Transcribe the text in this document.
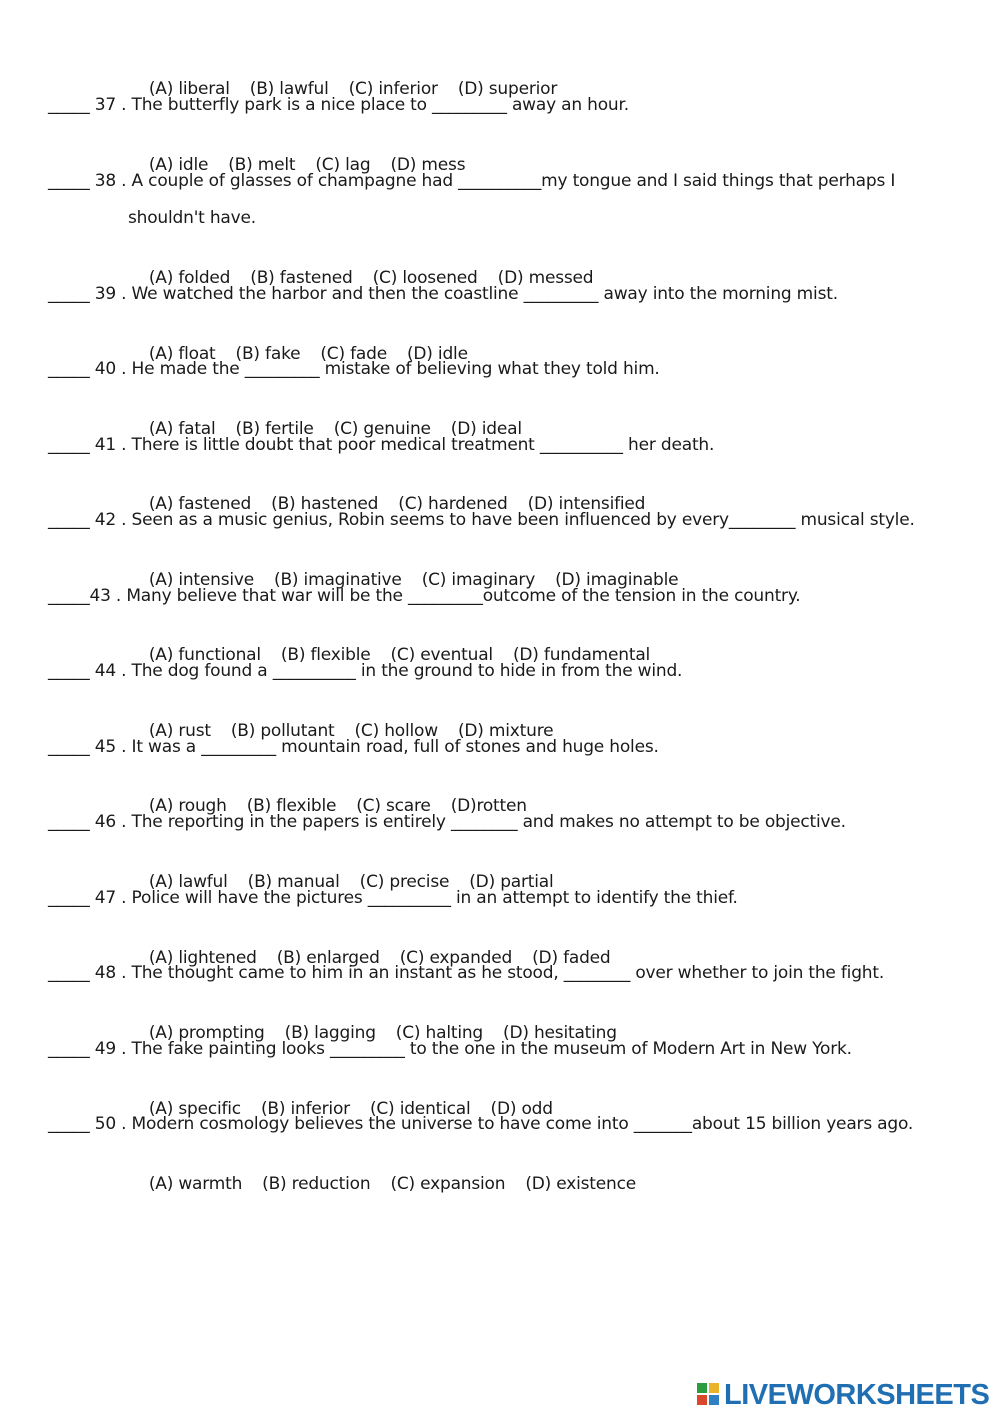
(A) liberal (B) lawful (C) inferior (D) superior

_____ 37 . The butterfly park is a nice place to _________ away an hour.

(A) idle (B) melt (C) lag (D) mess

_____ 38 . A couple of glasses of champagne had __________my tongue and I said things that perhaps I
shouldn't have.

(A) folded (B) fastened (C) loosened (D) messed

_____ 39 . We watched the harbor and then the coastline _________ away into the morning mist.

(A) float (B) fake (C) fade (D) idle

_____ 40 . He made the _________ mistake of believing what they told him.

(A) fatal (B) fertile (C) genuine (D) ideal

_____ 41 . There is little doubt that poor medical treatment __________ her death.

(A) fastened (B) hastened (C) hardened (D) intensified

_____ 42 . Seen as a music genius, Robin seems to have been influenced by every________ musical style.

(A) intensive (B) imaginative (C) imaginary (D) imaginable

_____43 . Many believe that war will be the _________outcome of the tension in the country.

(A) functional (B) flexible (C) eventual (D) fundamental

_____ 44 . The dog found a __________ in the ground to hide in from the wind.

(A) rust (B) pollutant (C) hollow (D) mixture

_____ 45 . It was a _________ mountain road, full of stones and huge holes.

(A) rough (B) flexible (C) scare (D)rotten

_____ 46 . The reporting in the papers is entirely ________ and makes no attempt to be objective.

(A) lawful (B) manual (C) precise (D) partial

_____ 47 . Police will have the pictures __________ in an attempt to identify the thief.

(A) lightened (B) enlarged (C) expanded (D) faded

_____ 48 . The thought came to him in an instant as he stood, ________ over whether to join the fight.

(A) prompting (B) lagging (C) halting (D) hesitating

_____ 49 . The fake painting looks _________ to the one in the museum of Modern Art in New York.

(A) specific (B) inferior (C) identical (D) odd

_____ 50 . Modern cosmology believes the universe to have come into _______about 15 billion years ago.

(A) warmth (B) reduction (C) expansion (D) existence

LIVEWORKSHEETS
